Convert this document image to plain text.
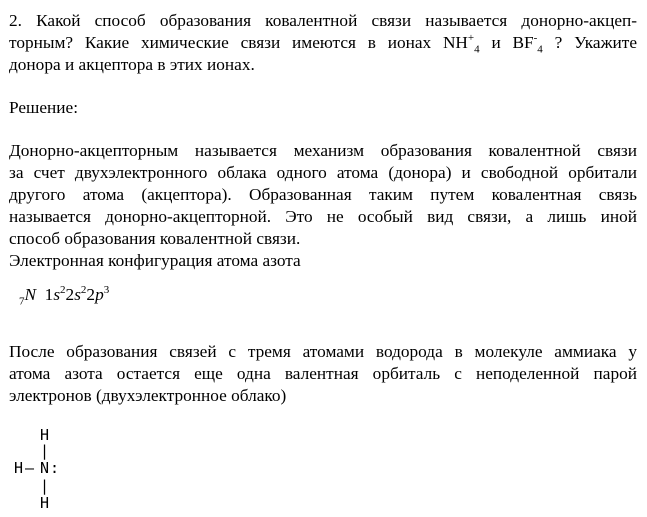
2. Какой способ образования ковалентной связи называется донорно-акцеп-
торным? Какие химические связи имеются в ионах $NH^+_4$ и $BF^-_4$ ? Укажите
донора и акцептора в этих ионах.
Решение:
Донорно-акцепторным называется механизм образования ковалентной связи
за счет двухэлектронного облака одного атома (донора) и свободной орбитали
другого атома (акцептора). Образованная таким путем ковалентная связь
называется донорно-акцепторной. Это не особый вид связи, а лишь иной
способ образования ковалентной связи.
Электронная конфигурация атома азота
$_7$N $1s^22s^22p^3$
После образования связей с тремя атомами водорода в молекуле аммиака у
атома азота остается еще одна валентная орбиталь с неподеленной парой
электронов (двухэлектронное облако)
H
|
H — N :
|
H
